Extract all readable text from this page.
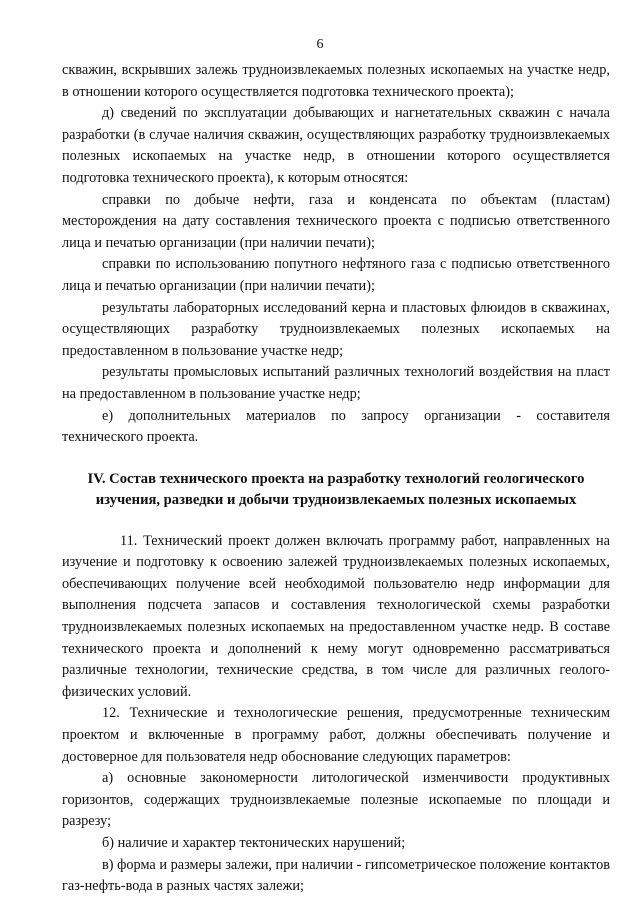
6

скважин, вскрывших залежь трудноизвлекаемых полезных ископаемых на участке недр, в отношении которого осуществляется подготовка технического проекта);

д) сведений по эксплуатации добывающих и нагнетательных скважин с начала разработки (в случае наличия скважин, осуществляющих разработку трудноизвлекаемых полезных ископаемых на участке недр, в отношении которого осуществляется подготовка технического проекта), к которым относятся:

справки по добыче нефти, газа и конденсата по объектам (пластам) месторождения на дату составления технического проекта с подписью ответственного лица и печатью организации (при наличии печати);

справки по использованию попутного нефтяного газа с подписью ответственного лица и печатью организации (при наличии печати);

результаты лабораторных исследований керна и пластовых флюидов в скважинах, осуществляющих разработку трудноизвлекаемых полезных ископаемых на предоставленном в пользование участке недр;

результаты промысловых испытаний различных технологий воздействия на пласт на предоставленном в пользование участке недр;

е) дополнительных материалов по запросу организации - составителя технического проекта.

IV. Состав технического проекта на разработку технологий геологического
изучения, разведки и добычи трудноизвлекаемых полезных ископаемых

11. Технический проект должен включать программу работ, направленных на изучение и подготовку к освоению залежей трудноизвлекаемых полезных ископаемых, обеспечивающих получение всей необходимой пользователю недр информации для выполнения подсчета запасов и составления технологической схемы разработки трудноизвлекаемых полезных ископаемых на предоставленном участке недр. В составе технического проекта и дополнений к нему могут одновременно рассматриваться различные технологии, технические средства, в том числе для различных геолого-физических условий.

12. Технические и технологические решения, предусмотренные техническим проектом и включенные в программу работ, должны обеспечивать получение и достоверное для пользователя недр обоснование следующих параметров:

а) основные закономерности литологической изменчивости продуктивных горизонтов, содержащих трудноизвлекаемые полезные ископаемые по площади и разрезу;

б) наличие и характер тектонических нарушений;

в) форма и размеры залежи, при наличии - гипсометрическое положение контактов газ-нефть-вода в разных частях залежи;
